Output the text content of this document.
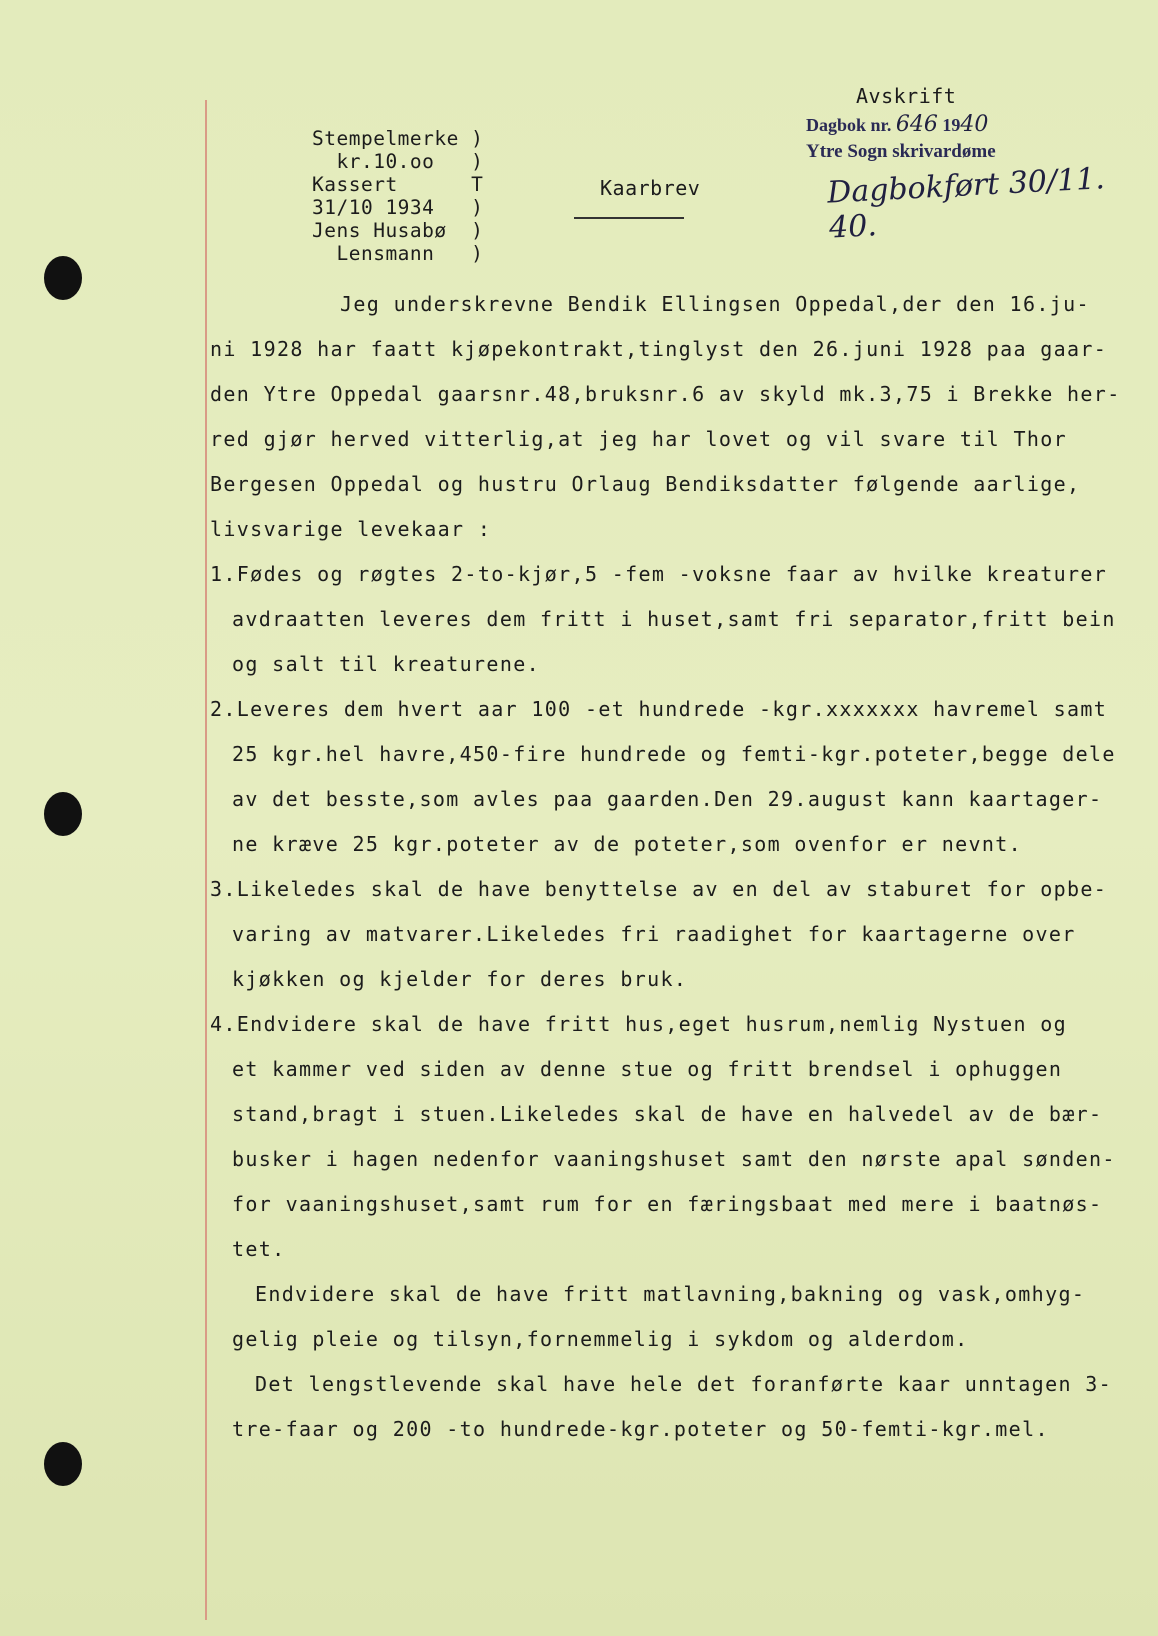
Stempelmerke )
kr.10.oo   )
Kassert      T
31/10 1934   )
Jens Husabø  )
Lensmann   )
Kaarbrev
Avskrift
Dagbok nr. 646 1940
Ytre Sogn skrivardøme
Dagbokført 30/11. 40.
Jeg underskrevne Bendik Ellingsen Oppedal,der den 16.ju-
ni 1928 har faatt kjøpekontrakt,tinglyst den 26.juni 1928 paa gaar-
den Ytre Oppedal gaarsnr.48,bruksnr.6 av skyld mk.3,75 i Brekke her-
red gjør herved vitterlig,at jeg har lovet og vil svare til Thor
Bergesen Oppedal og hustru Orlaug Bendiksdatter følgende aarlige,
livsvarige levekaar :
1.Fødes og røgtes 2-to-kjør,5 -fem -voksne faar av hvilke kreaturer
avdraatten leveres dem fritt i huset,samt fri separator,fritt bein
og salt til kreaturene.
2.Leveres dem hvert aar 100 -et hundrede -kgr.xxxxxxx havremel samt
25 kgr.hel havre,450-fire hundrede og femti-kgr.poteter,begge dele
av det besste,som avles paa gaarden.Den 29.august kann kaartager-
ne kræve 25 kgr.poteter av de poteter,som ovenfor er nevnt.
3.Likeledes skal de have benyttelse av en del av staburet for opbe-
varing av matvarer.Likeledes fri raadighet for kaartagerne over
kjøkken og kjelder for deres bruk.
4.Endvidere skal de have fritt hus,eget husrum,nemlig Nystuen og
et kammer ved siden av denne stue og fritt brendsel i ophuggen
stand,bragt i stuen.Likeledes skal de have en halvedel av de bær-
busker i hagen nedenfor vaaningshuset samt den nørste apal sønden-
for vaaningshuset,samt rum for en færingsbaat med mere i baatnøs-
tet.
Endvidere skal de have fritt matlavning,bakning og vask,omhyg-
gelig pleie og tilsyn,fornemmelig i sykdom og alderdom.
Det lengstlevende skal have hele det foranførte kaar unntagen 3-
tre-faar og 200 -to hundrede-kgr.poteter og 50-femti-kgr.mel.
